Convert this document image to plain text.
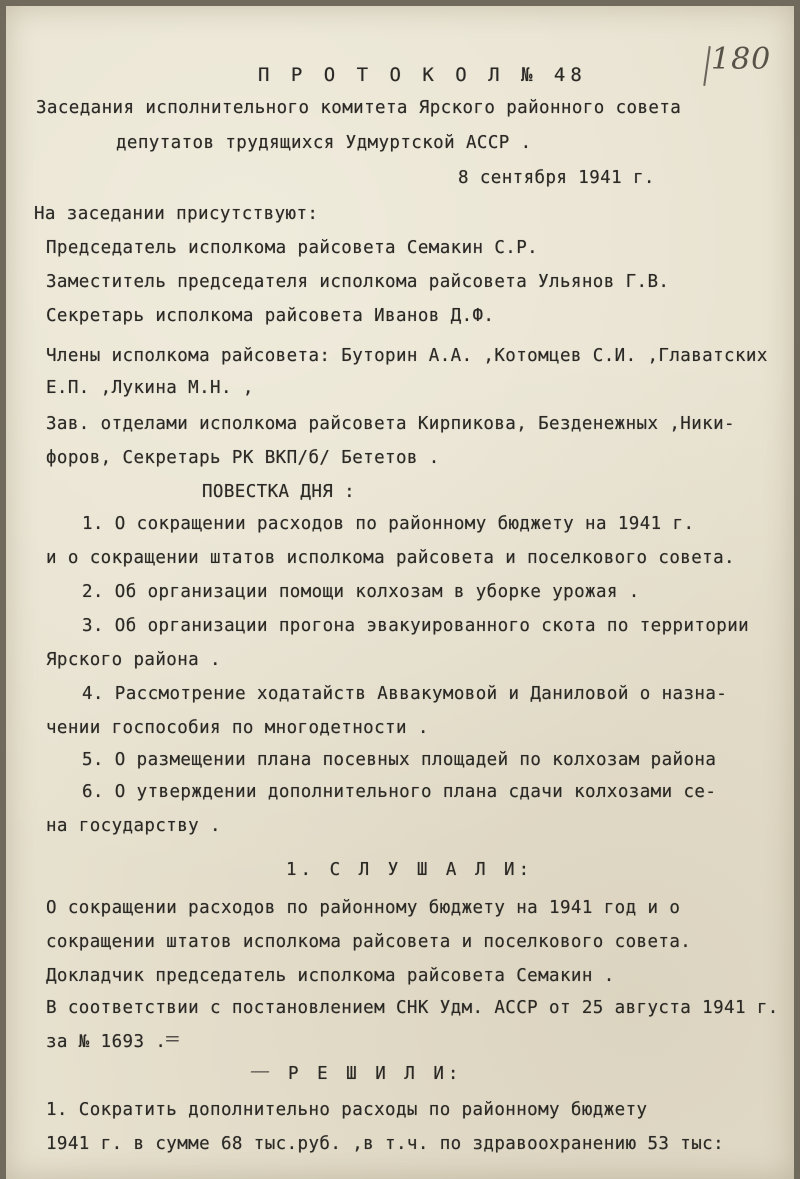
180
П Р О Т О К О Л № 48
Заседания исполнительного комитета Ярского районного совета
депутатов трудящихся Удмуртской АССР .
8 сентября 1941 г.
На заседании присутствуют:
Председатель исполкома райсовета Семакин С.Р.
Заместитель председателя исполкома райсовета Ульянов Г.В.
Секретарь исполкома райсовета Иванов Д.Ф.
Члены исполкома райсовета: Буторин А.А. ,Котомцев С.И. ,Главатских
Е.П. ,Лукина М.Н. ,
Зав. отделами исполкома райсовета Кирпикова, Безденежных ,Ники-
форов, Секретарь РК ВКП/б/ Бететов .
ПОВЕСТКА ДНЯ :
1. О сокращении расходов по районному бюджету на 1941 г.
и о сокращении штатов исполкома райсовета и поселкового совета.
2. Об организации помощи колхозам в уборке урожая .
3. Об организации прогона эвакуированного скота по территории
Ярского района .
4. Рассмотрение ходатайств Аввакумовой и Даниловой о назна-
чении госпособия по многодетности .
5. О размещении плана посевных площадей по колхозам района
6. О утверждении дополнительного плана сдачи колхозами се-
на государству .
1. С Л У Ш А Л И:
О сокращении расходов по районному бюджету на 1941 год и о
сокращении штатов исполкома райсовета и поселкового совета.
Докладчик председатель исполкома райсовета Семакин .
В соответствии с постановлением СНК Удм. АССР от 25 августа 1941 г.
за № 1693 .
=
— Р Е Ш И Л И:
1. Сократить дополнительно расходы по районному бюджету
1941 г. в сумме 68 тыс.руб. ,в т.ч. по здравоохранению 53 тыс:
